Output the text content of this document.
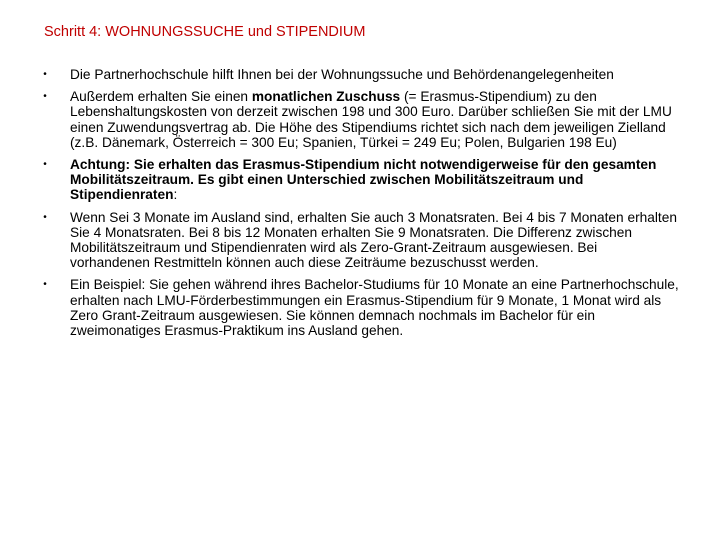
Schritt 4: WOHNUNGSSUCHE und STIPENDIUM
•	Die Partnerhochschule hilft Ihnen bei der Wohnungssuche und Behördenangelegenheiten
•	Außerdem erhalten Sie einen monatlichen Zuschuss (= Erasmus-Stipendium) zu den Lebenshaltungskosten von derzeit zwischen 198 und 300 Euro. Darüber schließen Sie mit der LMU einen Zuwendungsvertrag ab. Die Höhe des Stipendiums richtet sich nach dem jeweiligen Zielland (z.B. Dänemark, Österreich = 300 Eu; Spanien, Türkei = 249 Eu; Polen, Bulgarien 198 Eu)
•	Achtung: Sie erhalten das Erasmus-Stipendium nicht notwendigerweise für den gesamten Mobilitätszeitraum. Es gibt einen Unterschied zwischen Mobilitätszeitraum und Stipendienraten:
•	Wenn Sei 3 Monate im Ausland sind, erhalten Sie auch 3 Monatsraten. Bei 4 bis 7 Monaten erhalten Sie 4 Monatsraten. Bei 8 bis 12 Monaten erhalten Sie 9 Monatsraten. Die Differenz zwischen Mobilitätszeitraum und Stipendienraten wird als Zero-Grant-Zeitraum ausgewiesen. Bei vorhandenen Restmitteln können auch diese Zeiträume bezuschusst werden.
•	Ein Beispiel: Sie gehen während ihres Bachelor-Studiums für 10 Monate an eine Partnerhochschule, erhalten nach LMU-Förderbestimmungen ein Erasmus-Stipendium für 9 Monate, 1 Monat wird als Zero Grant-Zeitraum ausgewiesen. Sie können demnach nochmals im Bachelor für ein zweimonatiges Erasmus-Praktikum ins Ausland gehen.
